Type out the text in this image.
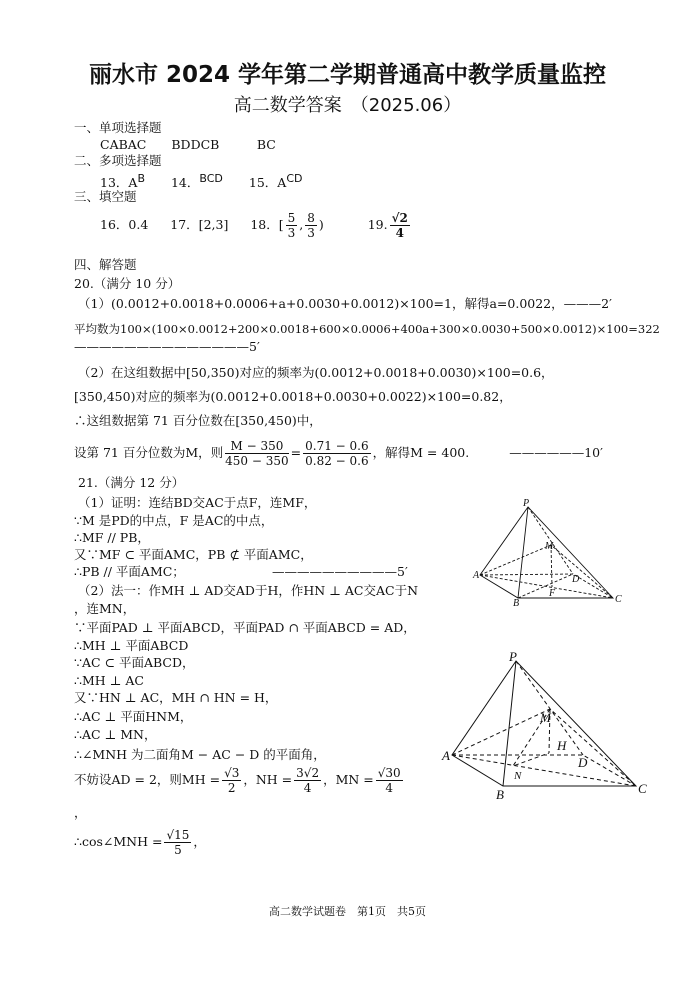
丽水市 2024 学年第二学期普通高中教学质量监控
高二数学答案　（2025.06）
一、单项选择题
CABAC　　BDDCB　　　BC
二、多项选择题
13．AB 14．BCD 15．ACD
三、填空题
16．0.4 17．[2,3] 18．[ $\frac{5}{3}$ , $\frac{8}{3}$ )	19. $\frac{√2}{4}$
四、解答题
20.（满分 10 分）
（1）(0.0012+0.0018+0.0006+a+0.0030+0.0012)×100=1，解得a=0.0022，———2′
平均数为100×(100×0.0012+200×0.0018+600×0.0006+400a+300×0.0030+500×0.0012)×100=322
——————————————5′
（2）在这组数据中[50,350)对应的频率为(0.0012+0.0018+0.0030)×100=0.6，
[350,450)对应的频率为(0.0012+0.0018+0.0030+0.0022)×100=0.82，
∴这组数据第 71 百分位数在[350,450)中，
设第 71 百分位数为M，则 $\frac{M - 350}{450 - 350} = \frac{0.71 - 0.6}{0.82 - 0.6}$ ，解得M = 400.	——————10′
21.（满分 12 分）
（1）证明：连结BD交AC于点F，连MF，
∵M 是PD的中点，F 是AC的中点，
∴MF // PB，
又∵MF ⊂ 平面AMC，PB ⊄ 平面AMC，
∴PB // 平面AMC；	——————————5′
（2）法一：作MH ⊥ AD交AD于H，作HN ⊥ AC交AC于N
，连MN，
∵平面PAD ⊥ 平面ABCD，平面PAD ∩ 平面ABCD = AD，
∴MH ⊥ 平面ABCD
∵AC ⊂ 平面ABCD，
∴MH ⊥ AC
又∵HN ⊥ AC，MH ∩ HN = H，
∴AC ⊥ 平面HNM，
∴AC ⊥ MN，
∴∠MNH 为二面角M − AC − D 的平面角，
不妨设AD = 2，则MH = $\frac{√3}{2}$ ，NH = $\frac{3√2}{4}$ ，MN = $\frac{√30}{4}$
，
∴cos∠MNH = $\frac{√15}{5}$ ，
P
M
A	D
F
B	C
P
M
H
A	D
N
B	C
高二数学试题卷　第1页　共5页
